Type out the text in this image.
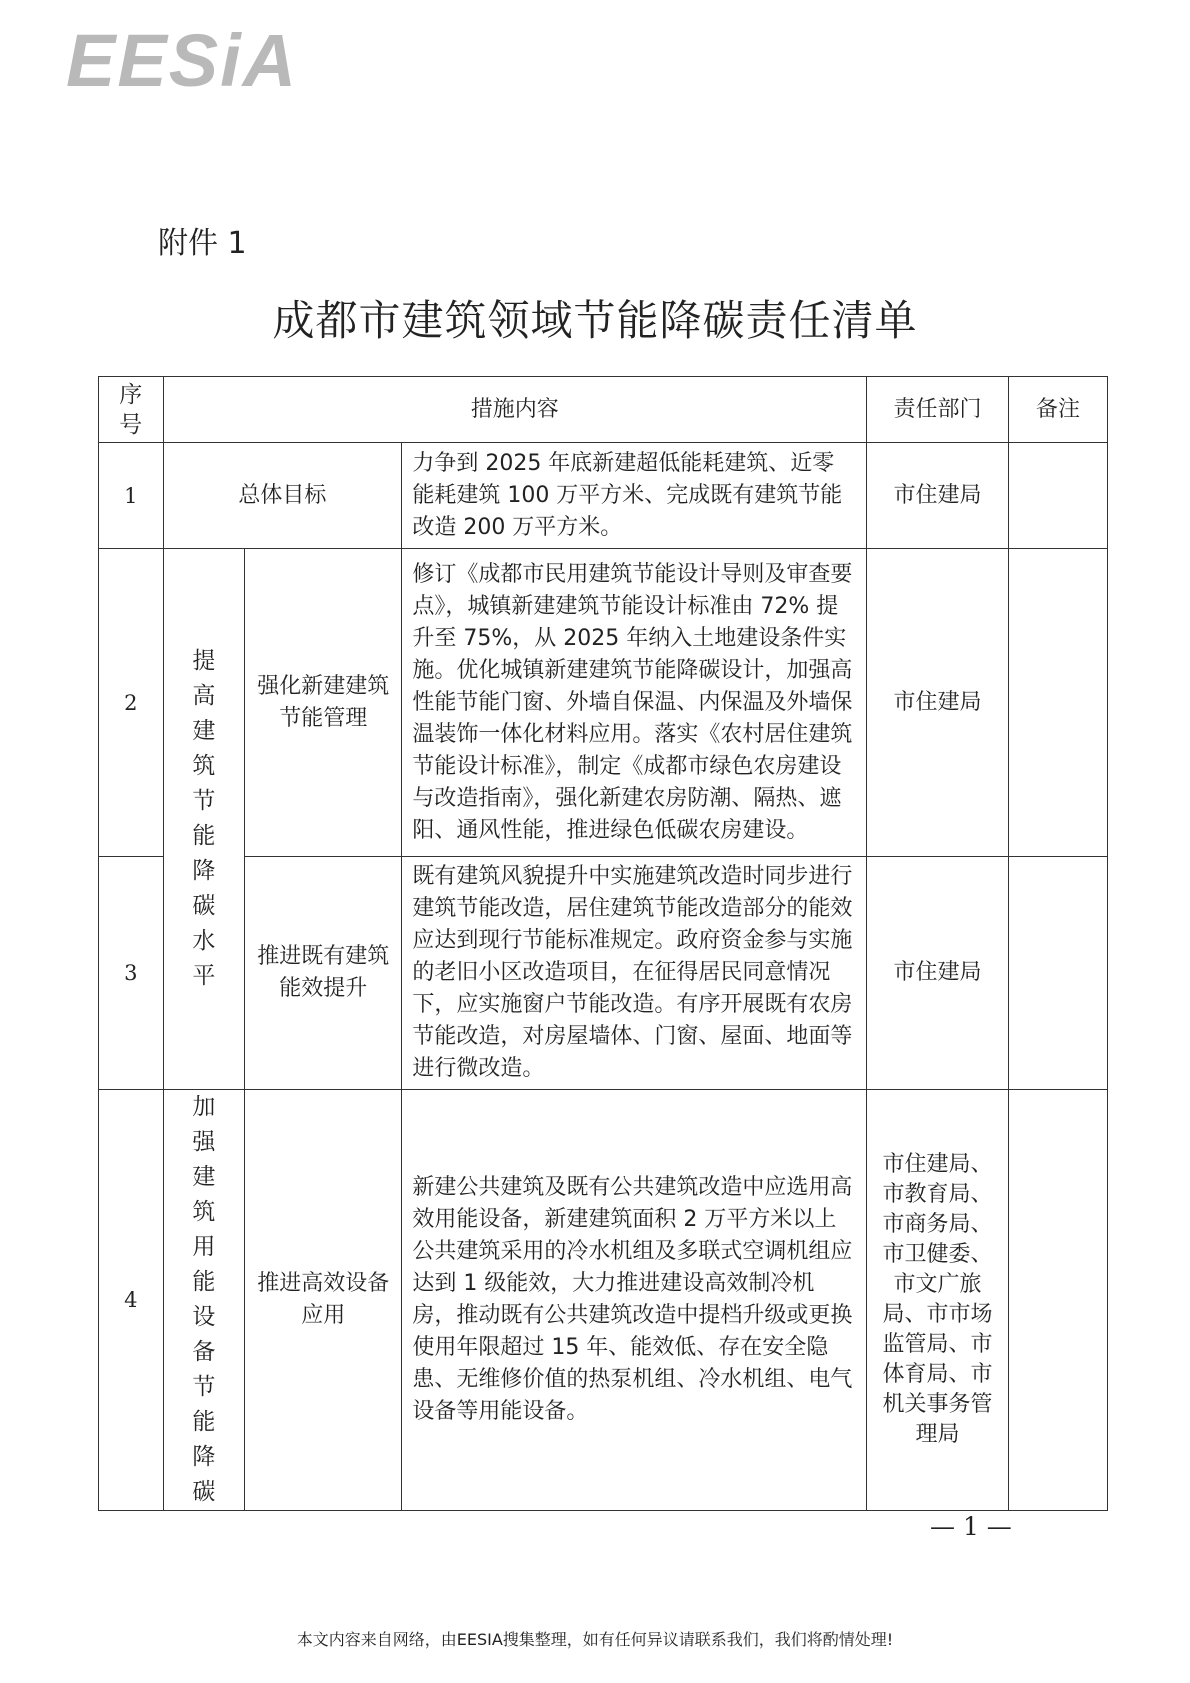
EESiA
附件 1
成都市建筑领域节能降碳责任清单
序号	措施内容			责任部门	备注
1	总体目标		力争到 2025 年底新建超低能耗建筑、近零能耗建筑 100 万平方米、完成既有建筑节能改造 200 万平方米。	市住建局	
2	提高建筑节能降碳水平	强化新建建筑节能管理	修订《成都市民用建筑节能设计导则及审查要点》，城镇新建建筑节能设计标准由 72% 提升至 75%，从 2025 年纳入土地建设条件实施。优化城镇新建建筑节能降碳设计，加强高性能节能门窗、外墙自保温、内保温及外墙保温装饰一体化材料应用。落实《农村居住建筑节能设计标准》，制定《成都市绿色农房建设与改造指南》，强化新建农房防潮、隔热、遮阳、通风性能，推进绿色低碳农房建设。	市住建局	
3		推进既有建筑能效提升	既有建筑风貌提升中实施建筑改造时同步进行建筑节能改造，居住建筑节能改造部分的能效应达到现行节能标准规定。政府资金参与实施的老旧小区改造项目，在征得居民同意情况下，应实施窗户节能改造。有序开展既有农房节能改造，对房屋墙体、门窗、屋面、地面等进行微改造。	市住建局	
4	加强建筑用能设备节能降碳	推进高效设备应用	新建公共建筑及既有公共建筑改造中应选用高效用能设备，新建建筑面积 2 万平方米以上公共建筑采用的冷水机组及多联式空调机组应达到 1 级能效，大力推进建设高效制冷机房，推动既有公共建筑改造中提档升级或更换使用年限超过 15 年、能效低、存在安全隐患、无维修价值的热泵机组、冷水机组、电气设备等用能设备。	市住建局、市教育局、市商务局、市卫健委、市文广旅局、市市场监管局、市体育局、市机关事务管理局	
— 1 —
本文内容来自网络，由EESIA搜集整理，如有任何异议请联系我们，我们将酌情处理!
